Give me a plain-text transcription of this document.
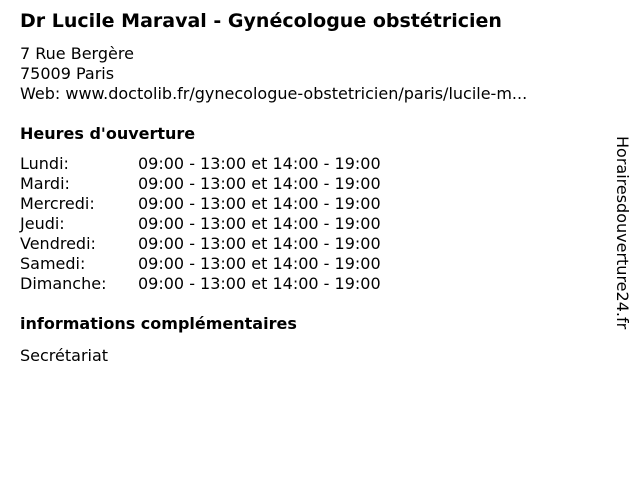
Dr Lucile Maraval - Gynécologue obstétricien
7 Rue Bergère
75009 Paris
Web: www.doctolib.fr/gynecologue-obstetricien/paris/lucile-m...
Heures d'ouverture
Lundi:	09:00 - 13:00 et 14:00 - 19:00
Mardi:	09:00 - 13:00 et 14:00 - 19:00
Mercredi:	09:00 - 13:00 et 14:00 - 19:00
Jeudi:	09:00 - 13:00 et 14:00 - 19:00
Vendredi:	09:00 - 13:00 et 14:00 - 19:00
Samedi:	09:00 - 13:00 et 14:00 - 19:00
Dimanche:	09:00 - 13:00 et 14:00 - 19:00
informations complémentaires
Secrétariat
Horairesdouverture24.fr
